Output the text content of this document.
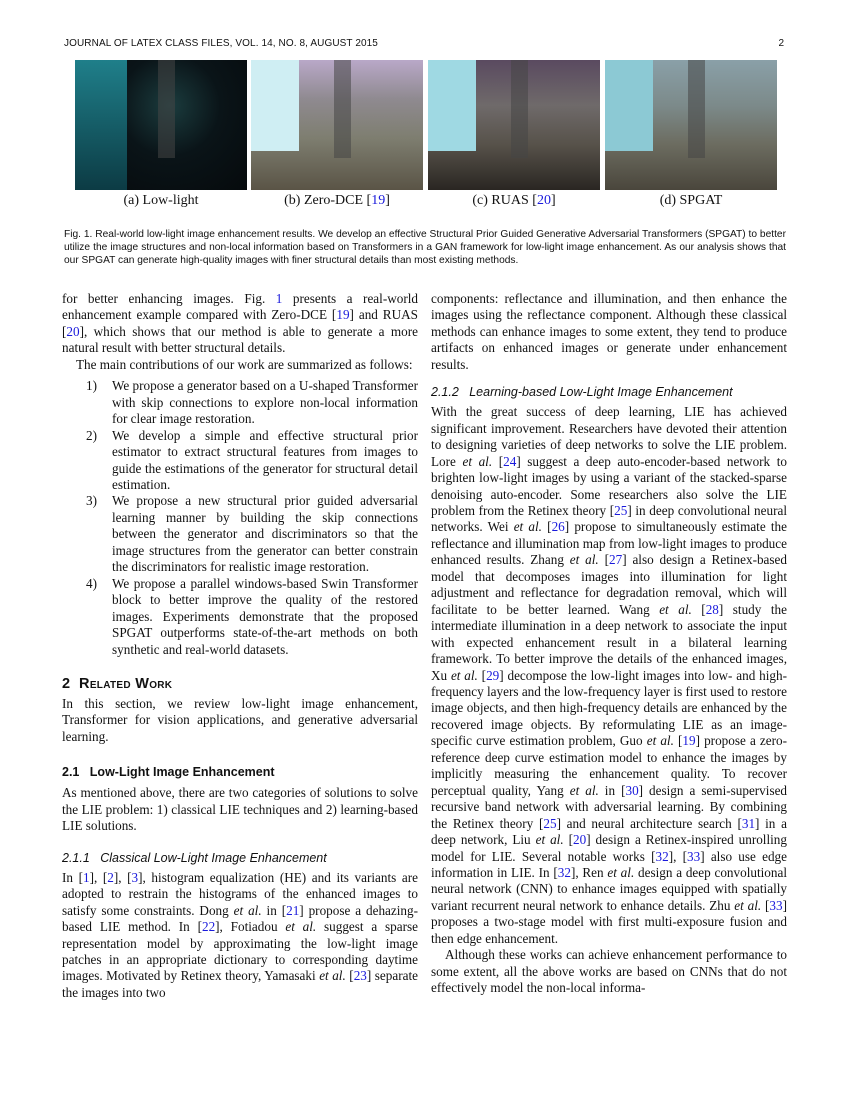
JOURNAL OF LATEX CLASS FILES, VOL. 14, NO. 8, AUGUST 2015	2
(a) Low-light	(b) Zero-DCE [19]	(c) RUAS [20]	(d) SPGAT
Fig. 1. Real-world low-light image enhancement results. We develop an effective Structural Prior Guided Generative Adversarial Transformers (SPGAT) to better utilize the image structures and non-local information based on Transformers in a GAN framework for low-light image enhancement. As our analysis shows that our SPGAT can generate high-quality images with finer structural details than most existing methods.

for better enhancing images. Fig. 1 presents a real-world enhancement example compared with Zero-DCE [19] and RUAS [20], which shows that our method is able to generate a more natural result with better structural details.

The main contributions of our work are summarized as follows:

1) We propose a generator based on a U-shaped Transformer with skip connections to explore non-local information for clear image restoration.
2) We develop a simple and effective structural prior estimator to extract structural features from images to guide the estimations of the generator for structural detail estimation.
3) We propose a new structural prior guided adversarial learning manner by building the skip connections between the generator and discriminators so that the image structures from the generator can better constrain the discriminators for realistic image restoration.
4) We propose a parallel windows-based Swin Transformer block to better improve the quality of the restored images. Experiments demonstrate that the proposed SPGAT outperforms state-of-the-art methods on both synthetic and real-world datasets.
2 Related Work

In this section, we review low-light image enhancement, Transformer for vision applications, and generative adversarial learning.

2.1   Low-Light Image Enhancement

As mentioned above, there are two categories of solutions to solve the LIE problem: 1) classical LIE techniques and 2) learning-based LIE solutions.

2.1.1   Classical Low-Light Image Enhancement

In [1], [2], [3], histogram equalization (HE) and its variants are adopted to restrain the histograms of the enhanced images to satisfy some constraints. Dong et al. in [21] propose a dehazing-based LIE method. In [22], Fotiadou et al. suggest a sparse representation model by approximating the low-light image patches in an appropriate dictionary to corresponding daytime images. Motivated by Retinex theory, Yamasaki et al. [23] separate the images into two

components: reflectance and illumination, and then enhance the images using the reflectance component. Although these classical methods can enhance images to some extent, they tend to produce artifacts on enhanced images or generate under enhancement results.

2.1.2   Learning-based Low-Light Image Enhancement

With the great success of deep learning, LIE has achieved significant improvement. Researchers have devoted their attention to designing varieties of deep networks to solve the LIE problem. Lore et al. [24] suggest a deep auto-encoder-based network to brighten low-light images by using a variant of the stacked-sparse denoising auto-encoder. Some researchers also solve the LIE problem from the Retinex theory [25] in deep convolutional neural networks. Wei et al. [26] propose to simultaneously estimate the reflectance and illumination map from low-light images to produce enhanced results. Zhang et al. [27] also design a Retinex-based model that decomposes images into illumination for light adjustment and reflectance for degradation removal, which will facilitate to be better learned. Wang et al. [28] study the intermediate illumination in a deep network to associate the input with expected enhancement result in a bilateral learning framework. To better improve the details of the enhanced images, Xu et al. [29] decompose the low-light images into low- and high-frequency layers and the low-frequency layer is first used to restore image objects, and then high-frequency details are enhanced by the recovered image objects. By reformulating LIE as an image-specific curve estimation problem, Guo et al. [19] propose a zero-reference deep curve estimation model to enhance the images by implicitly measuring the enhancement quality. To recover perceptual quality, Yang et al. in [30] design a semi-supervised recursive band network with adversarial learning. By combining the Retinex theory [25] and neural architecture search [31] in a deep network, Liu et al. [20] design a Retinex-inspired unrolling model for LIE. Several notable works [32], [33] also use edge information in LIE. In [32], Ren et al. design a deep convolutional neural network (CNN) to enhance images equipped with spatially variant recurrent neural network to enhance details. Zhu et al. [33] proposes a two-stage model with first multi-exposure fusion and then edge enhancement.

Although these works can achieve enhancement performance to some extent, all the above works are based on CNNs that do not effectively model the non-local informa-
